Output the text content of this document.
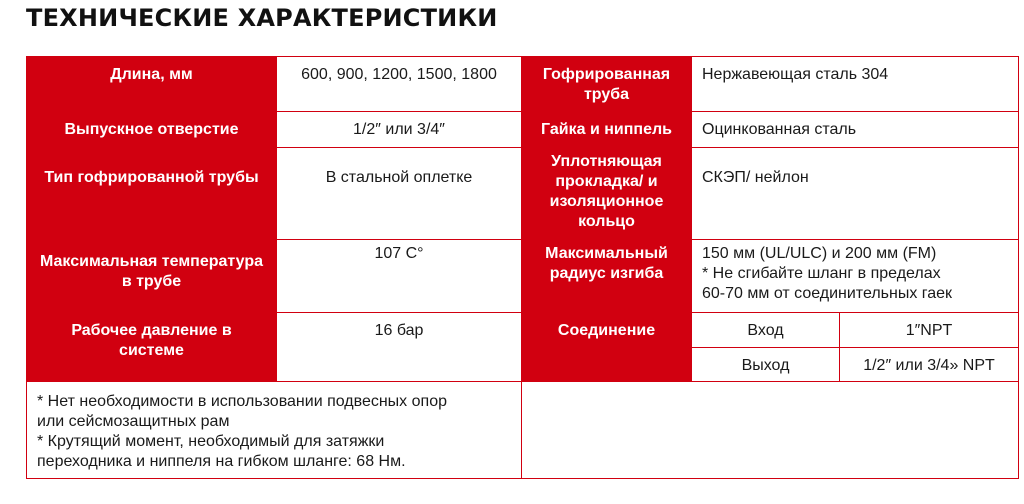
ТЕХНИЧЕСКИЕ ХАРАКТЕРИСТИКИ
Длина, мм	600, 900, 1200, 1500, 1800	Гофрированная труба	Нержавеющая сталь 304	
Выпускное отверстие	1/2″ или 3/4″	Гайка и ниппель	Оцинкованная сталь	
Тип гофрированной трубы	В стальной оплетке	Уплотняющая прокладка/ и изоляционное кольцо	СКЭП/ нейлон	
Максимальная температура в трубе	107 C°	Максимальный радиус изгиба	150 мм (UL/ULC) и 200 мм (FM)
* Не сгибайте шланг в пределах
60-70 мм от соединительных гаек	

Рабочее давление в системе	16 бар	Соединение	Вход	1″NPT
			Выход	1/2″ или 3/4» NPT

* Нет необходимости в использовании подвесных опор
или сейсмозащитных рам
* Крутящий момент, необходимый для затяжки
переходника и ниппеля на гибком шланге: 68 Нм.				
